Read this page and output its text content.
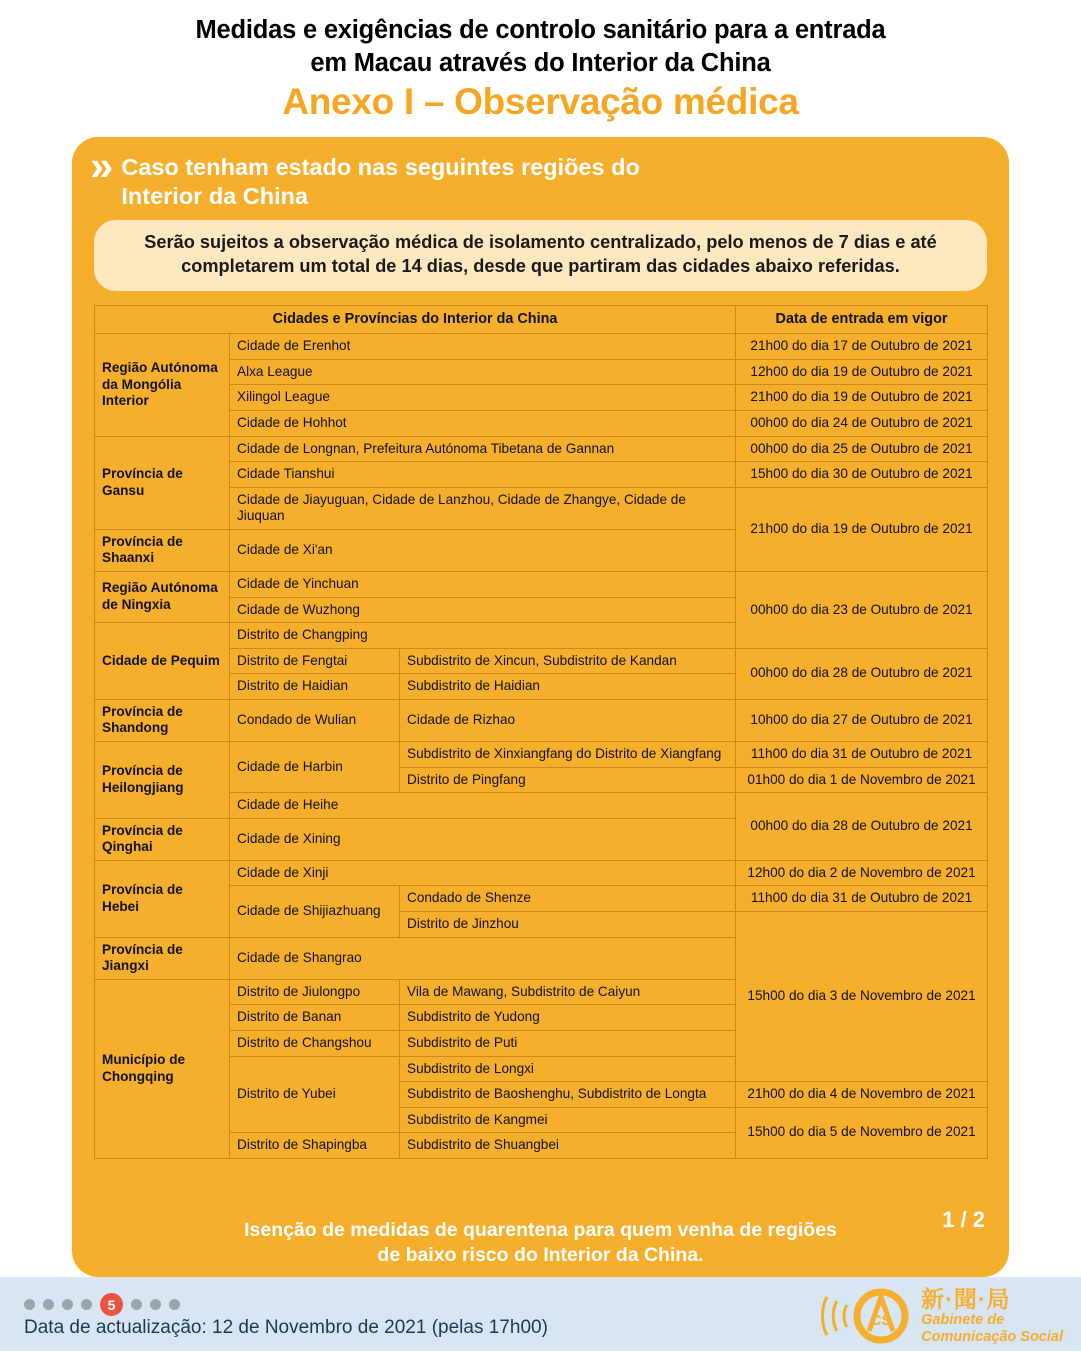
Medidas e exigências de controlo sanitário para a entrada
em Macau através do Interior da China
Anexo I – Observação médica
» Caso tenham estado nas seguintes regiões do
Interior da China
Serão sujeitos a observação médica de isolamento centralizado, pelo menos de 7 dias e até
completarem um total de 14 dias, desde que partiram das cidades abaixo referidas.
Cidades e Províncias do Interior da China			Data de entrada em vigor
Região Autónoma da Mongólia Interior	Cidade de Erenhot		21h00 do dia 17 de Outubro de 2021
	Alxa League		12h00 do dia 19 de Outubro de 2021
	Xilingol League		21h00 do dia 19 de Outubro de 2021
	Cidade de Hohhot		00h00 do dia 24 de Outubro de 2021
Província de Gansu	Cidade de Longnan, Prefeitura Autónoma Tibetana de Gannan		00h00 do dia 25 de Outubro de 2021
	Cidade Tianshui		15h00 do dia 30 de Outubro de 2021
	Cidade de Jiayuguan, Cidade de Lanzhou, Cidade de Zhangye, Cidade de Jiuquan		21h00 do dia 19 de Outubro de 2021
Província de Shaanxi	Cidade de Xi'an		
Região Autónoma de Ningxia	Cidade de Yinchuan		00h00 do dia 23 de Outubro de 2021
	Cidade de Wuzhong		
Cidade de Pequim	Distrito de Changping		
	Distrito de Fengtai	Subdistrito de Xincun, Subdistrito de Kandan	00h00 do dia 28 de Outubro de 2021
	Distrito de Haidian	Subdistrito de Haidian	
Província de Shandong	Condado de Wulian	Cidade de Rizhao	10h00 do dia 27 de Outubro de 2021
Província de Heilongjiang	Cidade de Harbin	Subdistrito de Xinxiangfang do Distrito de Xiangfang	11h00 do dia 31 de Outubro de 2021
		Distrito de Pingfang	01h00 do dia 1 de Novembro de 2021
	Cidade de Heihe		00h00 do dia 28 de Outubro de 2021
Província de Qinghai	Cidade de Xining		
Província de Hebei	Cidade de Xinji		12h00 do dia 2 de Novembro de 2021
	Cidade de Shijiazhuang	Condado de Shenze	11h00 do dia 31 de Outubro de 2021
		Distrito de Jinzhou	15h00 do dia 3 de Novembro de 2021
Província de Jiangxi	Cidade de Shangrao		
Município de Chongqing	Distrito de Jiulongpo	Vila de Mawang, Subdistrito de Caiyun	
	Distrito de Banan	Subdistrito de Yudong	
	Distrito de Changshou	Subdistrito de Puti	
	Distrito de Yubei	Subdistrito de Longxi	
		Subdistrito de Baoshenghu, Subdistrito de Longta	21h00 do dia 4 de Novembro de 2021
		Subdistrito de Kangmei	15h00 do dia 5 de Novembro de 2021
	Distrito de Shapingba	Subdistrito de Shuangbei	
1 / 2
Isenção de medidas de quarentena para quem venha de regiões
de baixo risco do Interior da China.
5
Data de actualização: 12 de Novembro de 2021 (pelas 17h00)	CS
新·聞·局
Gabinete de
Comunicação Social
